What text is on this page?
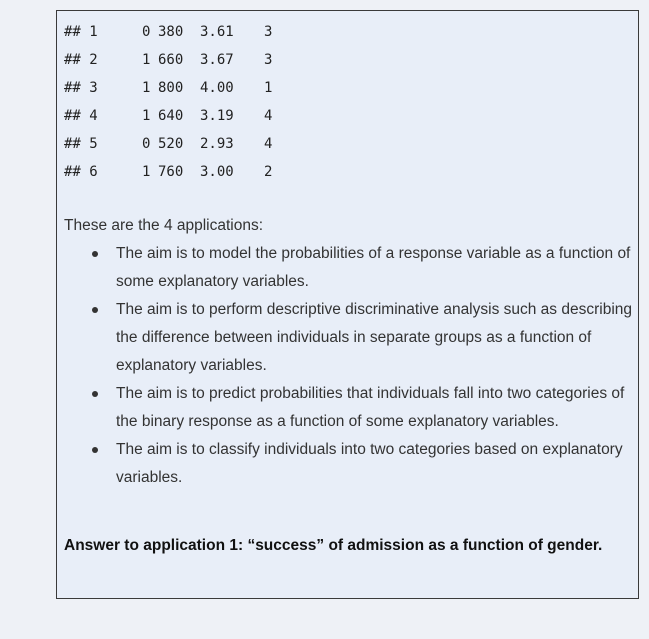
## 1	0 380	3.61	3
## 2	1 660	3.67	3
## 3	1 800	4.00	1
## 4	1 640	3.19	4
## 5	0 520	2.93	4
## 6	1 760	3.00	2
These are the 4 applications:
The aim is to model the probabilities of a response variable as a function of some explanatory variables.
The aim is to perform descriptive discriminative analysis such as describing the difference between individuals in separate groups as a function of explanatory variables.
The aim is to predict probabilities that individuals fall into two categories of the binary response as a function of some explanatory variables.
The aim is to classify individuals into two categories based on explanatory variables.
Answer to application 1: “success” of admission as a function of gender.
